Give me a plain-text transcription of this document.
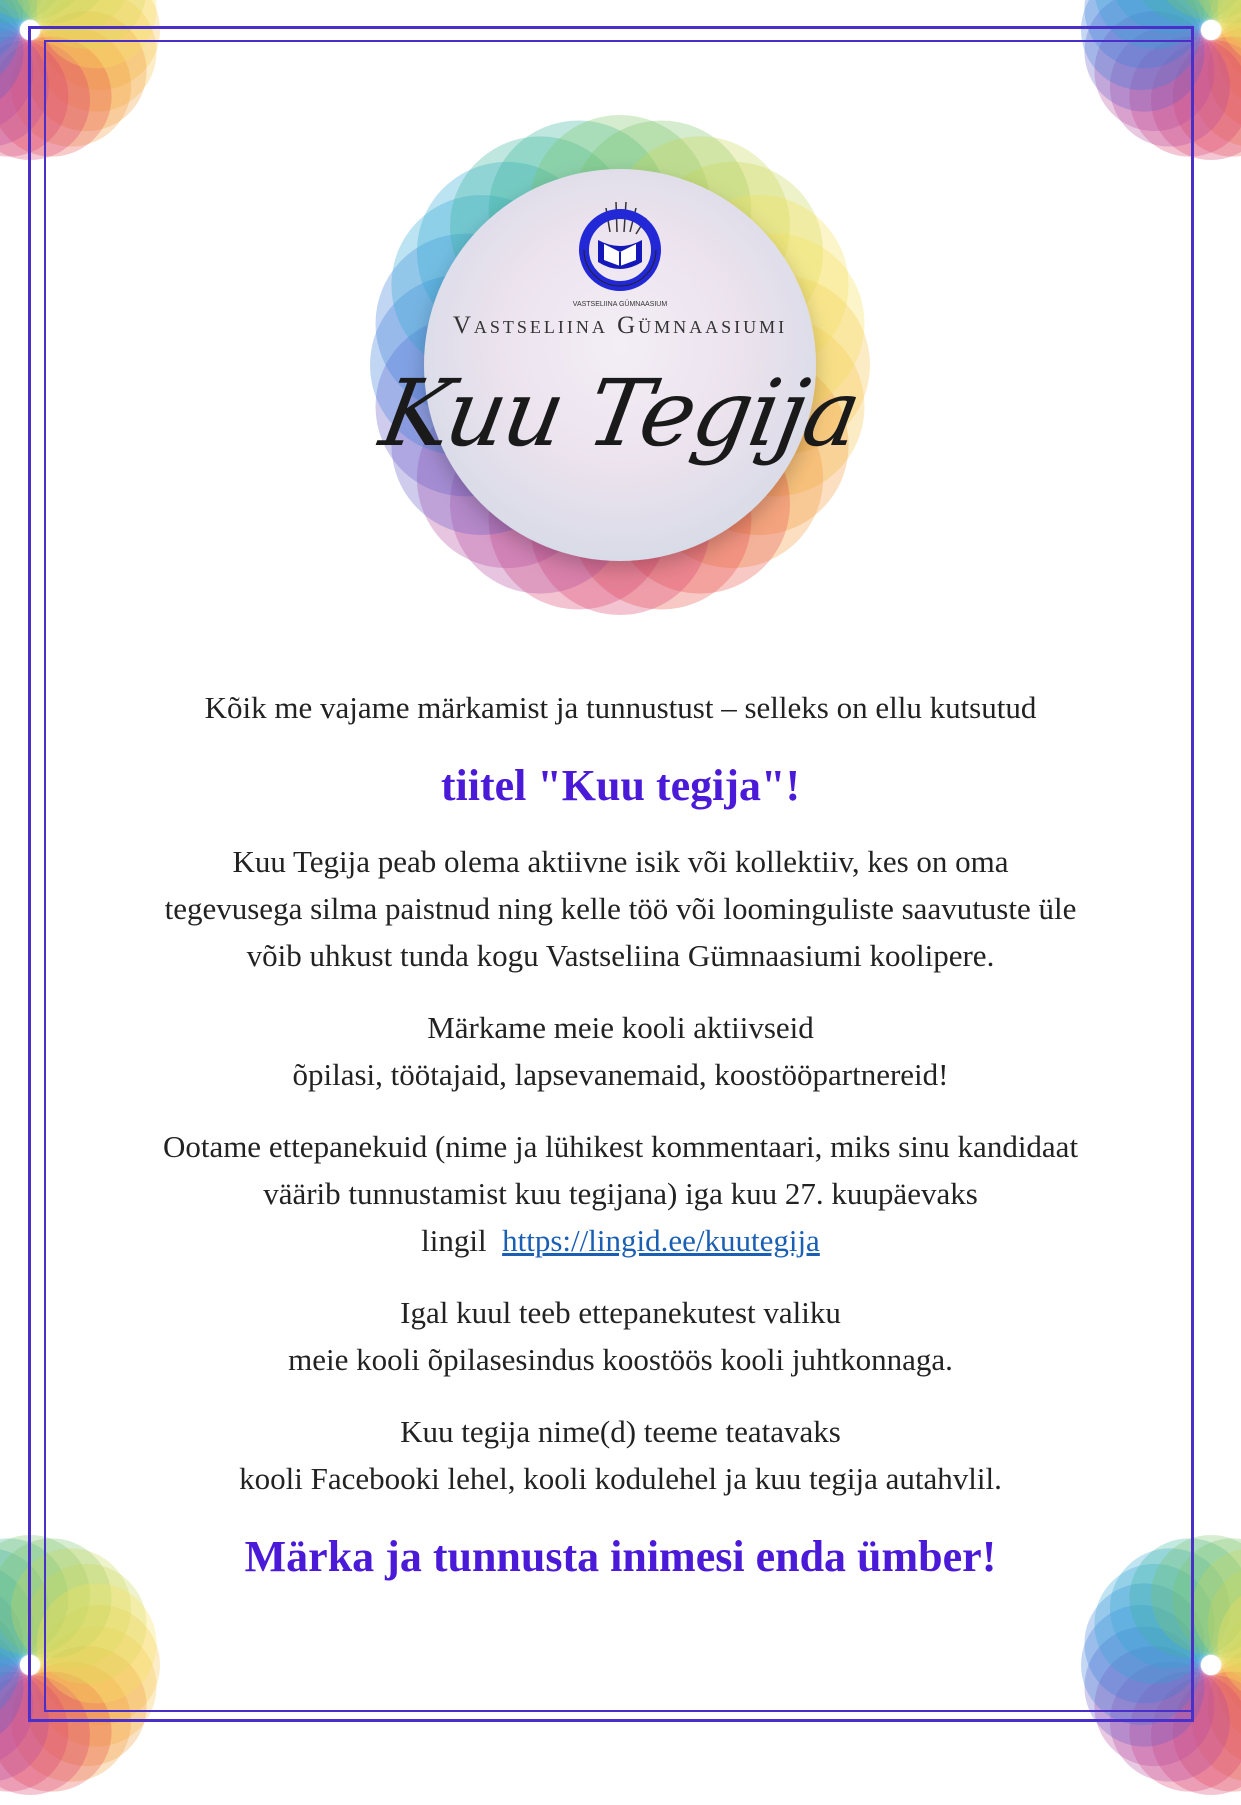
VASTSELIINA GÜMNAASIUM
Vastseliina Gümnaasiumi
Kuu Tegija

Kõik me vajame märkamist ja tunnustust – selleks on ellu kutsutud

tiitel "Kuu tegija"!

Kuu Tegija peab olema aktiivne isik või kollektiiv, kes on oma
tegevusega silma paistnud ning kelle töö või loominguliste saavutuste üle
võib uhkust tunda kogu Vastseliina Gümnaasiumi koolipere.

Märkame meie kooli aktiivseid
õpilasi, töötajaid, lapsevanemaid, koostööpartnereid!

Ootame ettepanekuid (nime ja lühikest kommentaari, miks sinu kandidaat
väärib tunnustamist kuu tegijana) iga kuu 27. kuupäevaks
lingil https://lingid.ee/kuutegija

Igal kuul teeb ettepanekutest valiku
meie kooli õpilasesindus koostöös kooli juhtkonnaga.

Kuu tegija nime(d) teeme teatavaks
kooli Facebooki lehel, kooli kodulehel ja kuu tegija autahvlil.

Märka ja tunnusta inimesi enda ümber!
